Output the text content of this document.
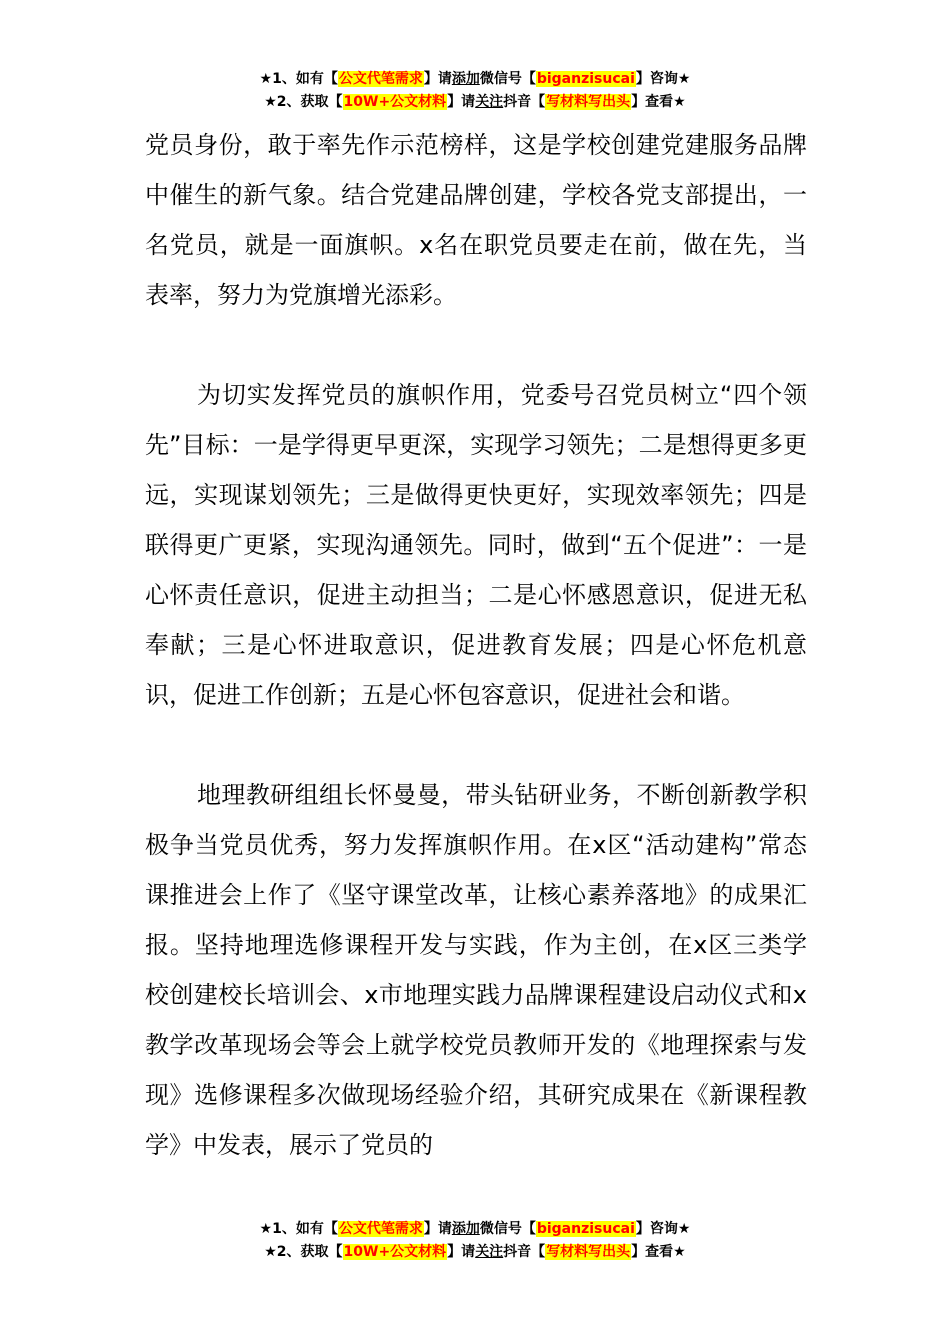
★1、如有【公文代笔需求】请添加微信号【biganzisucai】咨询★
★2、获取【10W+公文材料】请关注抖音【写材料写出头】查看★

党员身份，敢于率先作示范榜样，这是学校创建党建服务品牌中催生的新气象。结合党建品牌创建，学校各党支部提出，一名党员，就是一面旗帜。x名在职党员要走在前，做在先，当表率，努力为党旗增光添彩。

为切实发挥党员的旗帜作用，党委号召党员树立“四个领先”目标：一是学得更早更深，实现学习领先；二是想得更多更远，实现谋划领先；三是做得更快更好，实现效率领先；四是联得更广更紧，实现沟通领先。同时，做到“五个促进”：一是心怀责任意识，促进主动担当；二是心怀感恩意识，促进无私奉献；三是心怀进取意识，促进教育发展；四是心怀危机意识，促进工作创新；五是心怀包容意识，促进社会和谐。

地理教研组组长怀曼曼，带头钻研业务，不断创新教学积极争当党员优秀，努力发挥旗帜作用。在x区“活动建构”常态课推进会上作了《坚守课堂改革，让核心素养落地》的成果汇报。坚持地理选修课程开发与实践，作为主创，在x区三类学校创建校长培训会、x市地理实践力品牌课程建设启动仪式和x教学改革现场会等会上就学校党员教师开发的《地理探索与发现》选修课程多次做现场经验介绍，其研究成果在《新课程教学》中发表，展示了党员的

★1、如有【公文代笔需求】请添加微信号【biganzisucai】咨询★
★2、获取【10W+公文材料】请关注抖音【写材料写出头】查看★
